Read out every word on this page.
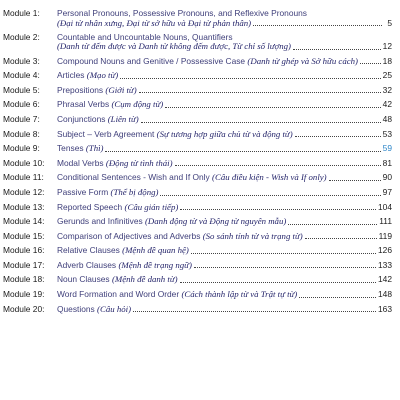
Module 1:	Personal Pronouns, Possessive Pronouns, and Reflexive Pronouns
(Đại từ nhân xưng, Đại từ sở hữu và Đại từ phản thân)	5
Module 2:	Countable and Uncountable Nouns, Quantifiers
(Danh từ đếm được và Danh từ không đếm được, Từ chỉ số lượng)	12
Module 3:	Compound Nouns and Genitive / Possessive Case
(Danh từ ghép và Sở hữu cách)	18
Module 4:	Articles
(Mạo từ)	25
Module 5:	Prepositions
(Giới từ)	32
Module 6:	Phrasal Verbs
(Cụm động từ)	42
Module 7:	Conjunctions
(Liên từ)	48
Module 8:	Subject – Verb Agreement
(Sự tương hợp giữa chủ từ và động từ)	53
Module 9:	Tenses
(Thì)	59
Module 10:	Modal Verbs
(Động từ tình thái)	81
Module 11:	Conditional Sentences - Wish and If Only
(Câu điều kiện - Wish và If only)	90
Module 12:	Passive Form
(Thể bị động)	97
Module 13:	Reported Speech
(Câu gián tiếp)	104
Module 14:	Gerunds and Infinitives
(Danh động từ và Động từ nguyên mẫu)	111
Module 15:	Comparison of Adjectives and Adverbs
(So sánh tính từ và trạng từ)	119
Module 16:	Relative Clauses
(Mệnh đề quan hệ)	126
Module 17:	Adverb Clauses
(Mệnh đề trạng ngữ)	133
Module 18:	Noun Clauses
(Mệnh đề danh từ)	142
Module 19:	Word Formation and Word Order
(Cách thành lập từ và Trật tự từ)	148
Module 20:	Questions
(Câu hỏi)	163
